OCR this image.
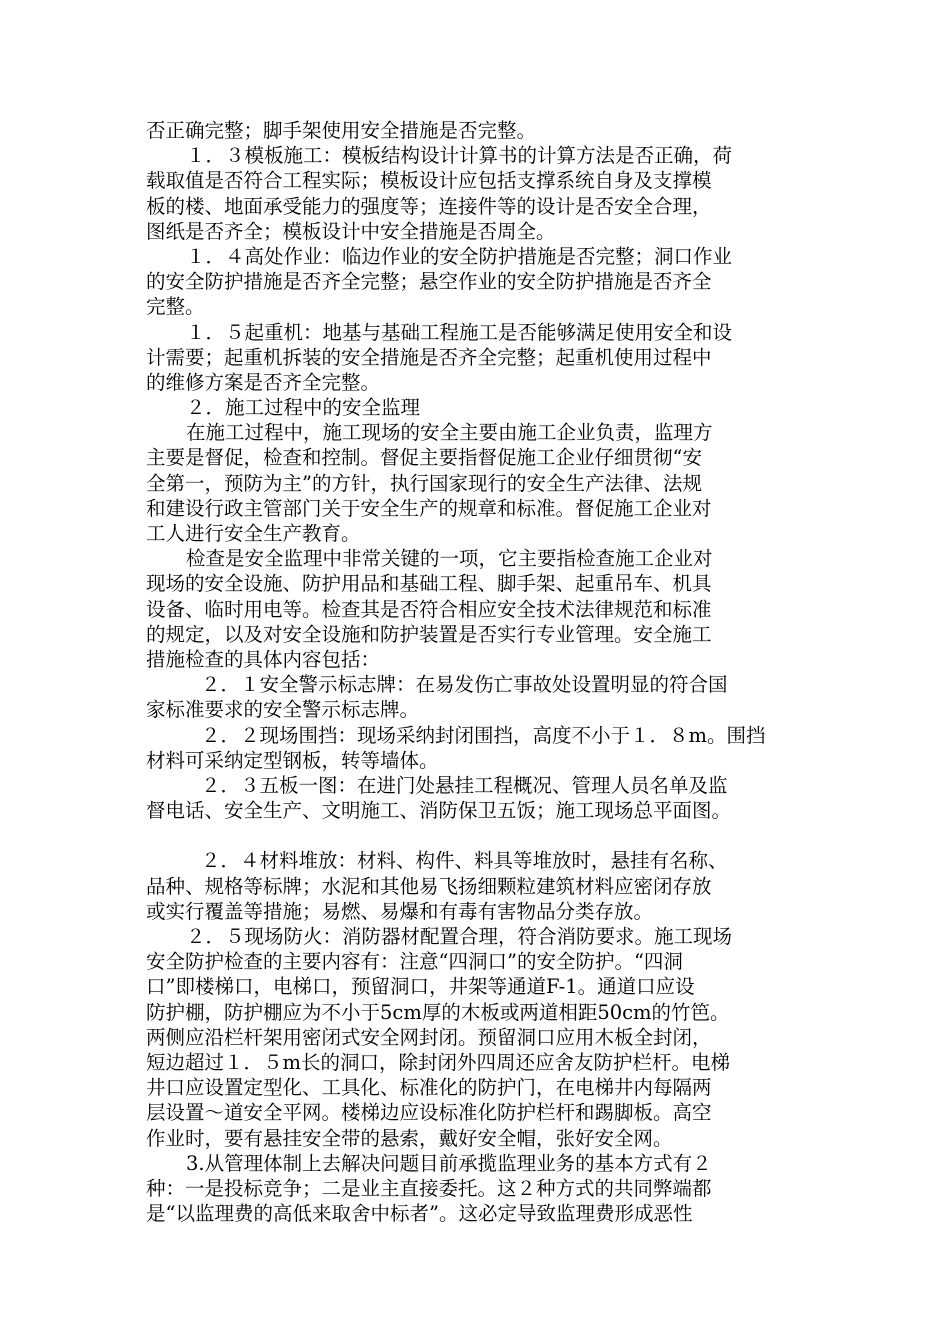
否正确完整；脚手架使用安全措施是否完整。
１．３模板施工：模板结构设计计算书的计算方法是否正确，荷
载取值是否符合工程实际；模板设计应包括支撑系统自身及支撑模
板的楼、地面承受能力的强度等；连接件等的设计是否安全合理，
图纸是否齐全；模板设计中安全措施是否周全。
１．４高处作业：临边作业的安全防护措施是否完整；洞口作业
的安全防护措施是否齐全完整；悬空作业的安全防护措施是否齐全
完整。
１．５起重机：地基与基础工程施工是否能够满足使用安全和设
计需要；起重机拆装的安全措施是否齐全完整；起重机使用过程中
的维修方案是否齐全完整。
２．施工过程中的安全监理
在施工过程中，施工现场的安全主要由施工企业负责，监理方
主要是督促，检查和控制。督促主要指督促施工企业仔细贯彻“安
全第一，预防为主”的方针，执行国家现行的安全生产法律、法规
和建设行政主管部门关于安全生产的规章和标准。督促施工企业对
工人进行安全生产教育。
检查是安全监理中非常关键的一项，它主要指检查施工企业对
现场的安全设施、防护用品和基础工程、脚手架、起重吊车、机具
设备、临时用电等。检查其是否符合相应安全技术法律规范和标准
的规定，以及对安全设施和防护装置是否实行专业管理。安全施工
措施检查的具体内容包括：
２．１安全警示标志牌：在易发伤亡事故处设置明显的符合国
家标准要求的安全警示标志牌。
２．２现场围挡：现场采纳封闭围挡，高度不小于１．８m。围挡
材料可采纳定型钢板，转等墙体。
２．３五板一图：在进门处悬挂工程概况、管理人员名单及监
督电话、安全生产、文明施工、消防保卫五饭；施工现场总平面图。
２．４材料堆放：材料、构件、料具等堆放时，悬挂有名称、
品种、规格等标牌；水泥和其他易飞扬细颗粒建筑材料应密闭存放
或实行覆盖等措施；易燃、易爆和有毒有害物品分类存放。
２．５现场防火：消防器材配置合理，符合消防要求。施工现场
安全防护检查的主要内容有：注意“四洞口”的安全防护。“四洞
口”即楼梯口，电梯口，预留洞口，井架等通道F-1。通道口应设
防护棚，防护棚应为不小于5cm厚的木板或两道相距50cm的竹笆。
两侧应沿栏杆架用密闭式安全网封闭。预留洞口应用木板全封闭，
短边超过１．５m长的洞口，除封闭外四周还应舍友防护栏杆。电梯
井口应设置定型化、工具化、标准化的防护门，在电梯井内每隔两
层设置～道安全平网。楼梯边应设标准化防护栏杆和踢脚板。高空
作业时，要有悬挂安全带的悬索，戴好安全帽，张好安全网。
3.从管理体制上去解决问题目前承揽监理业务的基本方式有２
种：一是投标竞争；二是业主直接委托。这２种方式的共同弊端都
是“以监理费的高低来取舍中标者”。这必定导致监理费形成恶性
